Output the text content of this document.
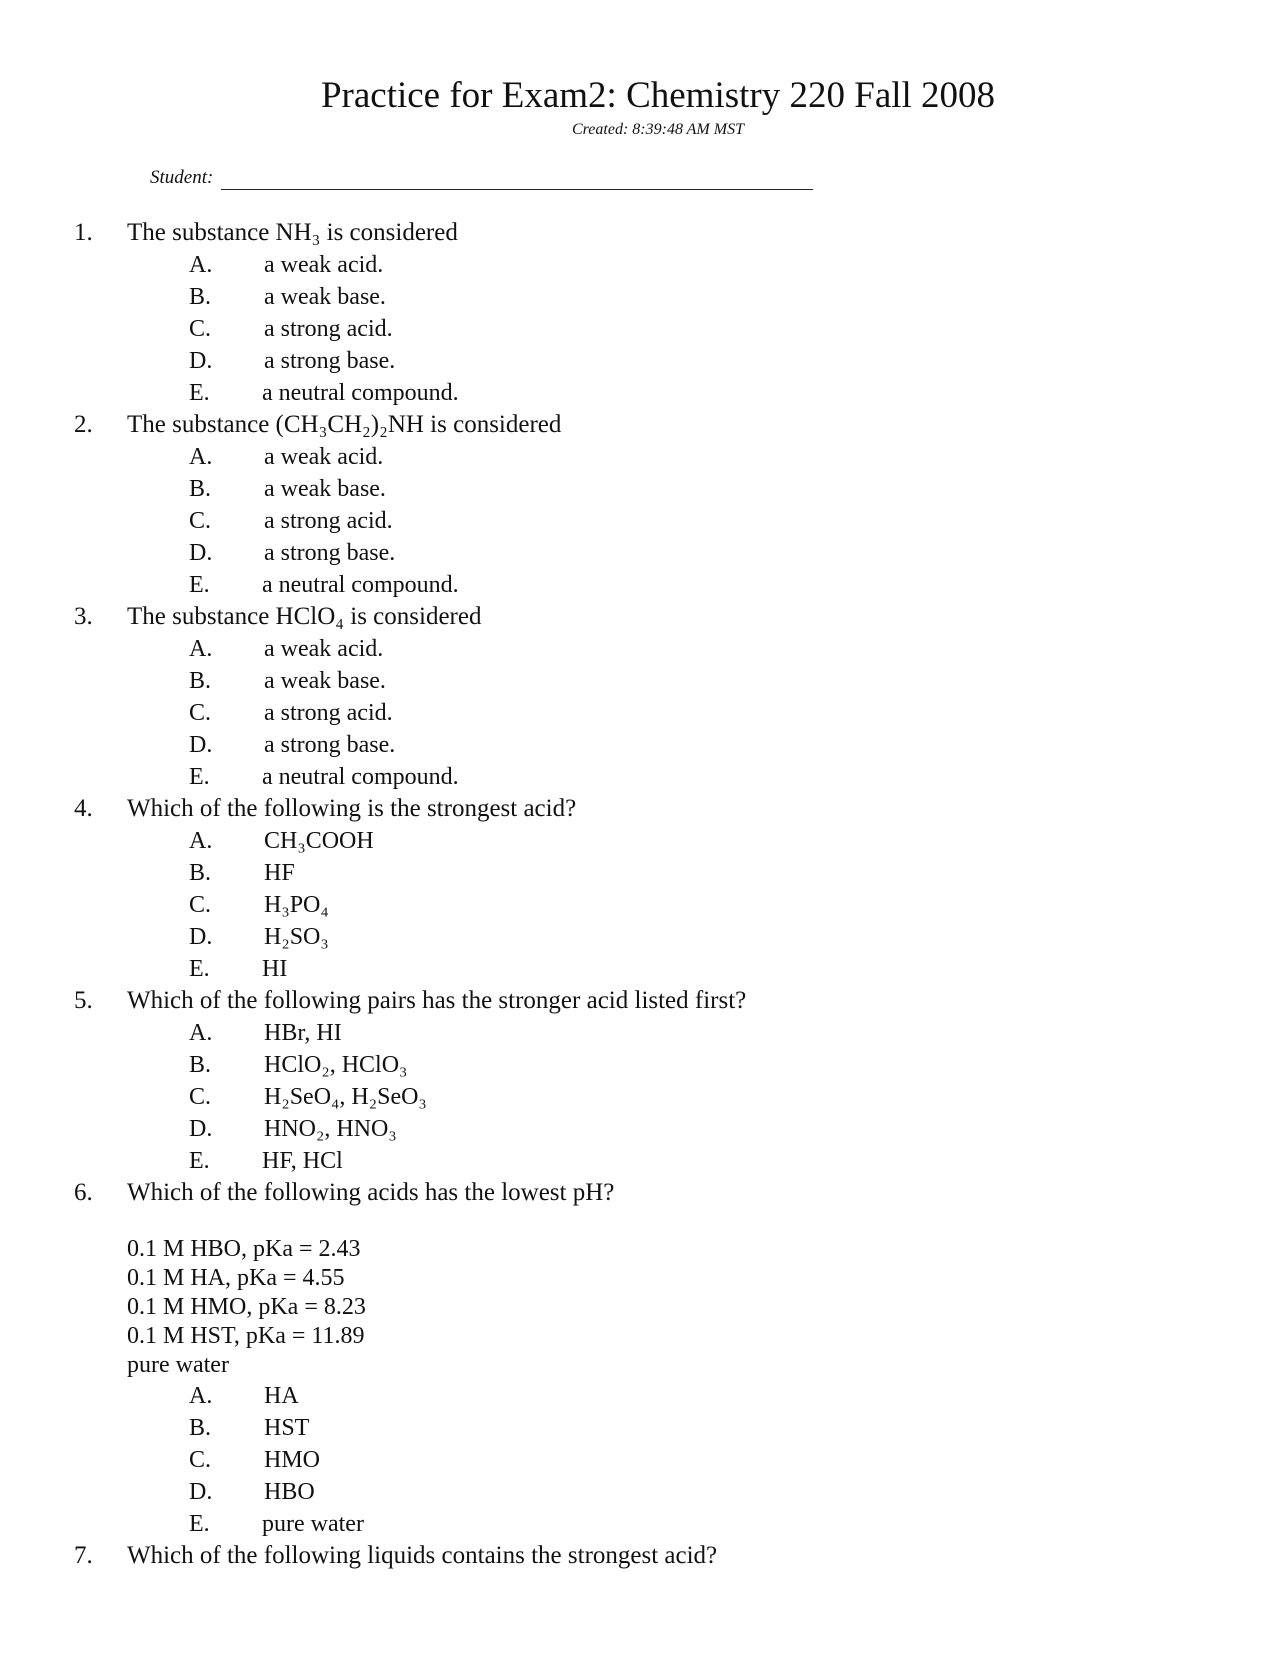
Practice for Exam2: Chemistry 220 Fall 2008
Created: 8:39:48 AM MST
Student:
1. The substance NH₃ is considered
A. a weak acid.
B. a weak base.
C. a strong acid.
D. a strong base.
E. a neutral compound.
2. The substance (CH₃CH₂)₂NH is considered
A. a weak acid.
B. a weak base.
C. a strong acid.
D. a strong base.
E. a neutral compound.
3. The substance HClO₄ is considered
A. a weak acid.
B. a weak base.
C. a strong acid.
D. a strong base.
E. a neutral compound.
4. Which of the following is the strongest acid?
A. CH₃COOH
B. HF
C. H₃PO₄
D. H₂SO₃
E. HI
5. Which of the following pairs has the stronger acid listed first?
A. HBr, HI
B. HClO₂, HClO₃
C. H₂SeO₄, H₂SeO₃
D. HNO₂, HNO₃
E. HF, HCl
6. Which of the following acids has the lowest pH?
0.1 M HBO, pKa = 2.43
0.1 M HA, pKa = 4.55
0.1 M HMO, pKa = 8.23
0.1 M HST, pKa = 11.89
pure water
A. HA
B. HST
C. HMO
D. HBO
E. pure water
7. Which of the following liquids contains the strongest acid?
